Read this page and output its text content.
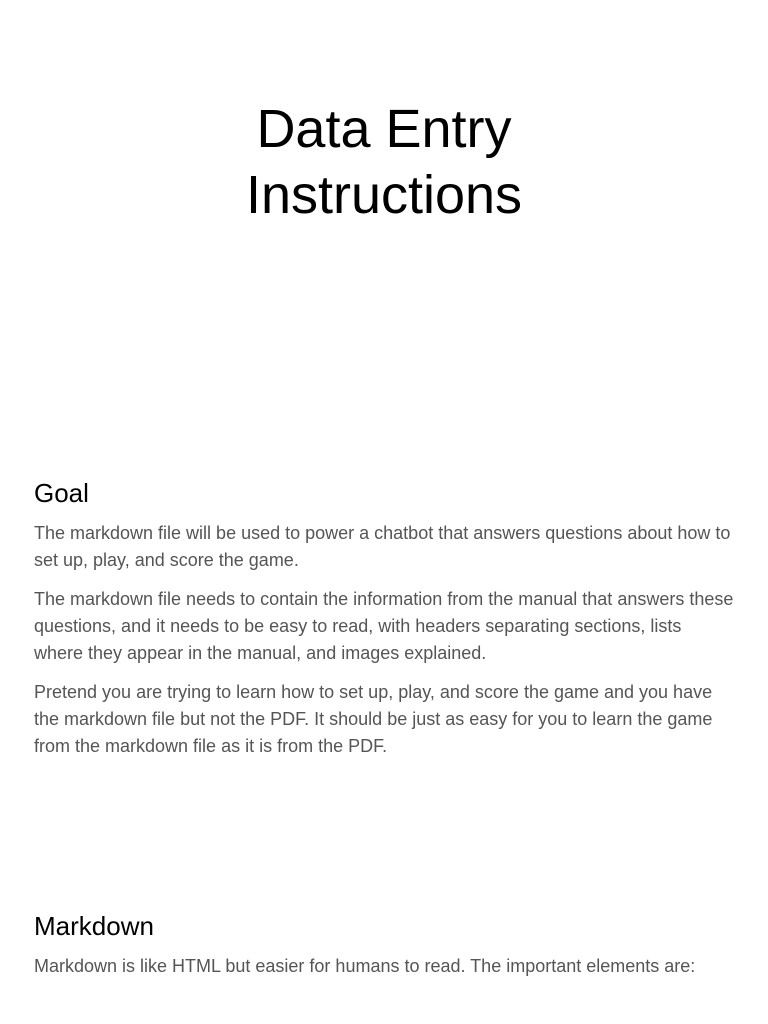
Data Entry
Instructions
Goal

The markdown file will be used to power a chatbot that answers questions about how to set up, play, and score the game.

The markdown file needs to contain the information from the manual that answers these questions, and it needs to be easy to read, with headers separating sections, lists where they appear in the manual, and images explained.

Pretend you are trying to learn how to set up, play, and score the game and you have the markdown file but not the PDF. It should be just as easy for you to learn the game from the markdown file as it is from the PDF.

Markdown

Markdown is like HTML but easier for humans to read. The important elements are:
